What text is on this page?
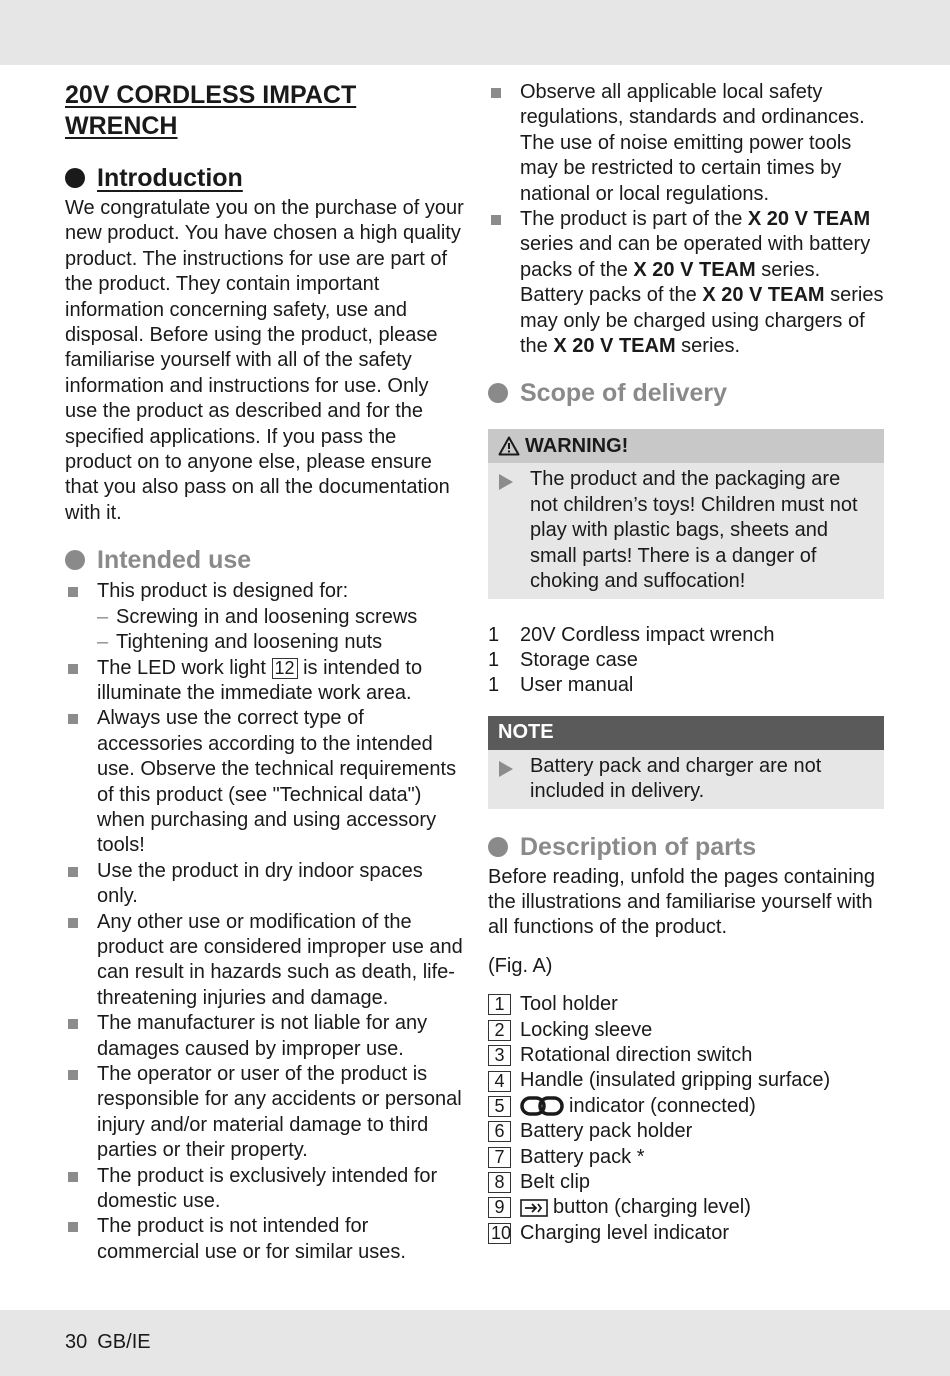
20V CORDLESS IMPACT WRENCH
Introduction

We congratulate you on the purchase of your new product. You have chosen a high quality product. The instructions for use are part of the product. They contain important information concerning safety, use and disposal. Before using the product, please familiarise yourself with all of the safety information and instructions for use. Only use the product as described and for the specified applications. If you pass the product on to anyone else, please ensure that you also pass on all the documentation with it.

Intended use
This product is designed for:
– Screwing in and loosening screws
– Tightening and loosening nuts
The LED work light 12 is intended to illuminate the immediate work area.
Always use the correct type of accessories according to the intended use. Observe the technical requirements of this product (see "Technical data") when purchasing and using accessory tools!
Use the product in dry indoor spaces only.
Any other use or modification of the product are considered improper use and can result in hazards such as death, life-threatening injuries and damage.
The manufacturer is not liable for any damages caused by improper use.
The operator or user of the product is responsible for any accidents or personal injury and/or material damage to third parties or their property.
The product is exclusively intended for domestic use.
The product is not intended for commercial use or for similar uses.
Observe all applicable local safety regulations, standards and ordinances. The use of noise emitting power tools may be restricted to certain times by national or local regulations.
The product is part of the X 20 V TEAM series and can be operated with battery packs of the X 20 V TEAM series. Battery packs of the X 20 V TEAM series may only be charged using chargers of the X 20 V TEAM series.
Scope of delivery
WARNING!
The product and the packaging are not children’s toys! Children must not play with plastic bags, sheets and small parts! There is a danger of choking and suffocation!
1	20V Cordless impact wrench
1	Storage case
1	User manual
NOTE
Battery pack and charger are not included in delivery.
Description of parts

Before reading, unfold the pages containing the illustrations and familiarise yourself with all functions of the product.

(Fig. A)

1 Tool holder
2 Locking sleeve
3 Rotational direction switch
4 Handle (insulated gripping surface)
5	indicator (connected)
6 Battery pack holder
7 Battery pack *
8 Belt clip
9	button (charging level)
10 Charging level indicator
30 GB/IE
